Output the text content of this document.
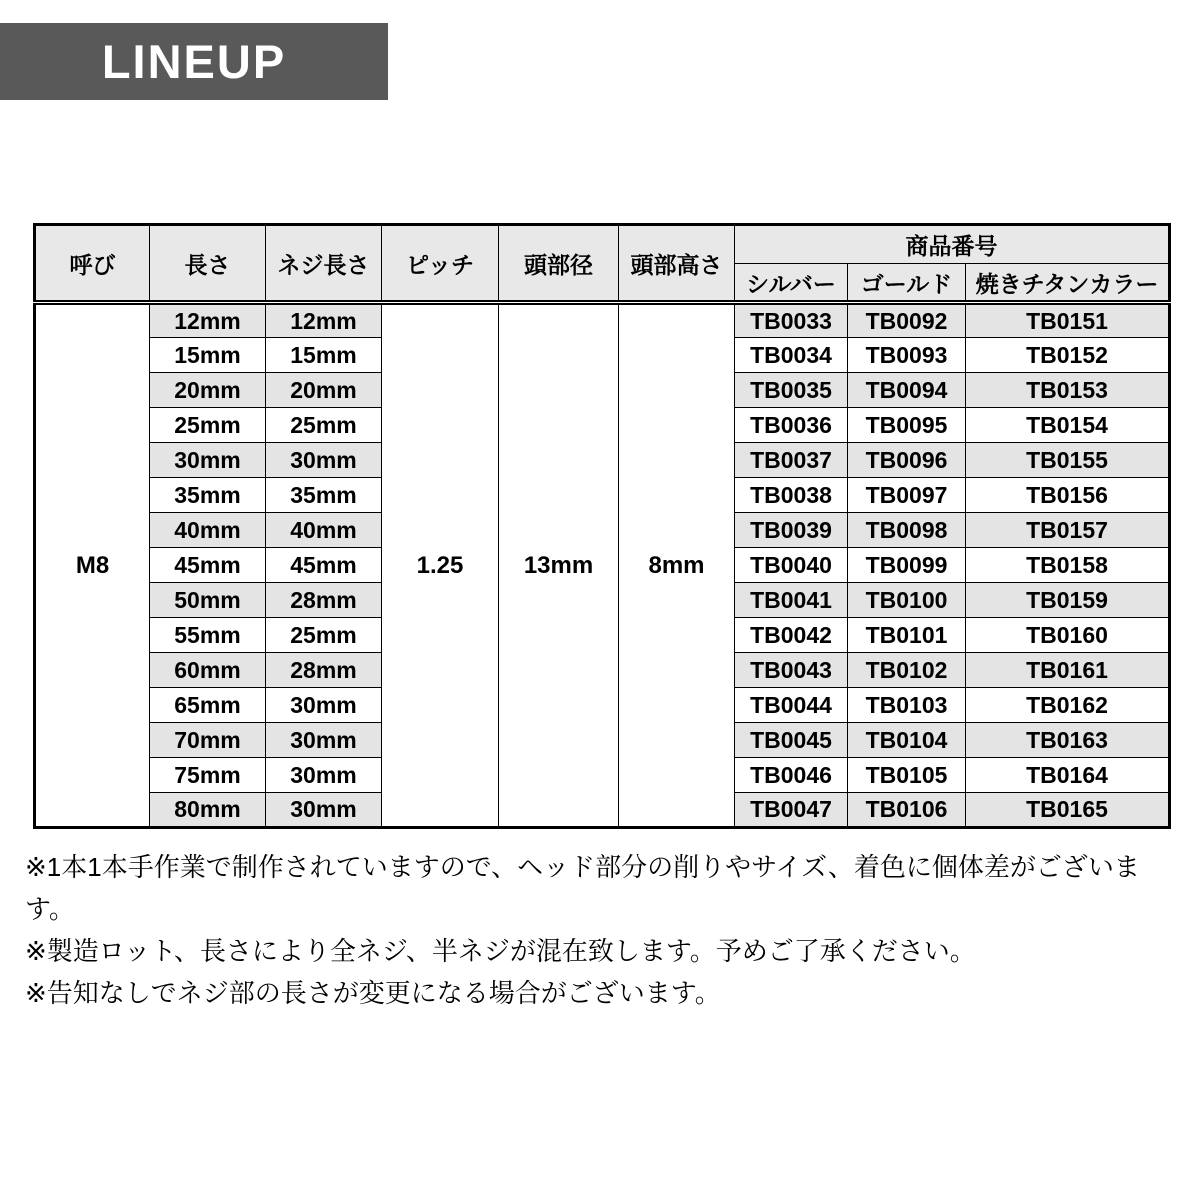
LINEUP
呼び	長さ	ネジ長さ	ピッチ	頭部径	頭部高さ	商品番号		
						シルバー	ゴールド	焼きチタンカラー
M8	12mm	12mm	1.25	13mm	8mm	TB0033	TB0092	TB0151
	15mm	15mm				TB0034	TB0093	TB0152
	20mm	20mm				TB0035	TB0094	TB0153
	25mm	25mm				TB0036	TB0095	TB0154
	30mm	30mm				TB0037	TB0096	TB0155
	35mm	35mm				TB0038	TB0097	TB0156
	40mm	40mm				TB0039	TB0098	TB0157
	45mm	45mm				TB0040	TB0099	TB0158
	50mm	28mm				TB0041	TB0100	TB0159
	55mm	25mm				TB0042	TB0101	TB0160
	60mm	28mm				TB0043	TB0102	TB0161
	65mm	30mm				TB0044	TB0103	TB0162
	70mm	30mm				TB0045	TB0104	TB0163
	75mm	30mm				TB0046	TB0105	TB0164
	80mm	30mm				TB0047	TB0106	TB0165
※1本1本手作業で制作されていますので、ヘッド部分の削りやサイズ、着色に個体差がございます。
※製造ロット、長さにより全ネジ、半ネジが混在致します。予めご了承ください。
※告知なしでネジ部の長さが変更になる場合がございます。
